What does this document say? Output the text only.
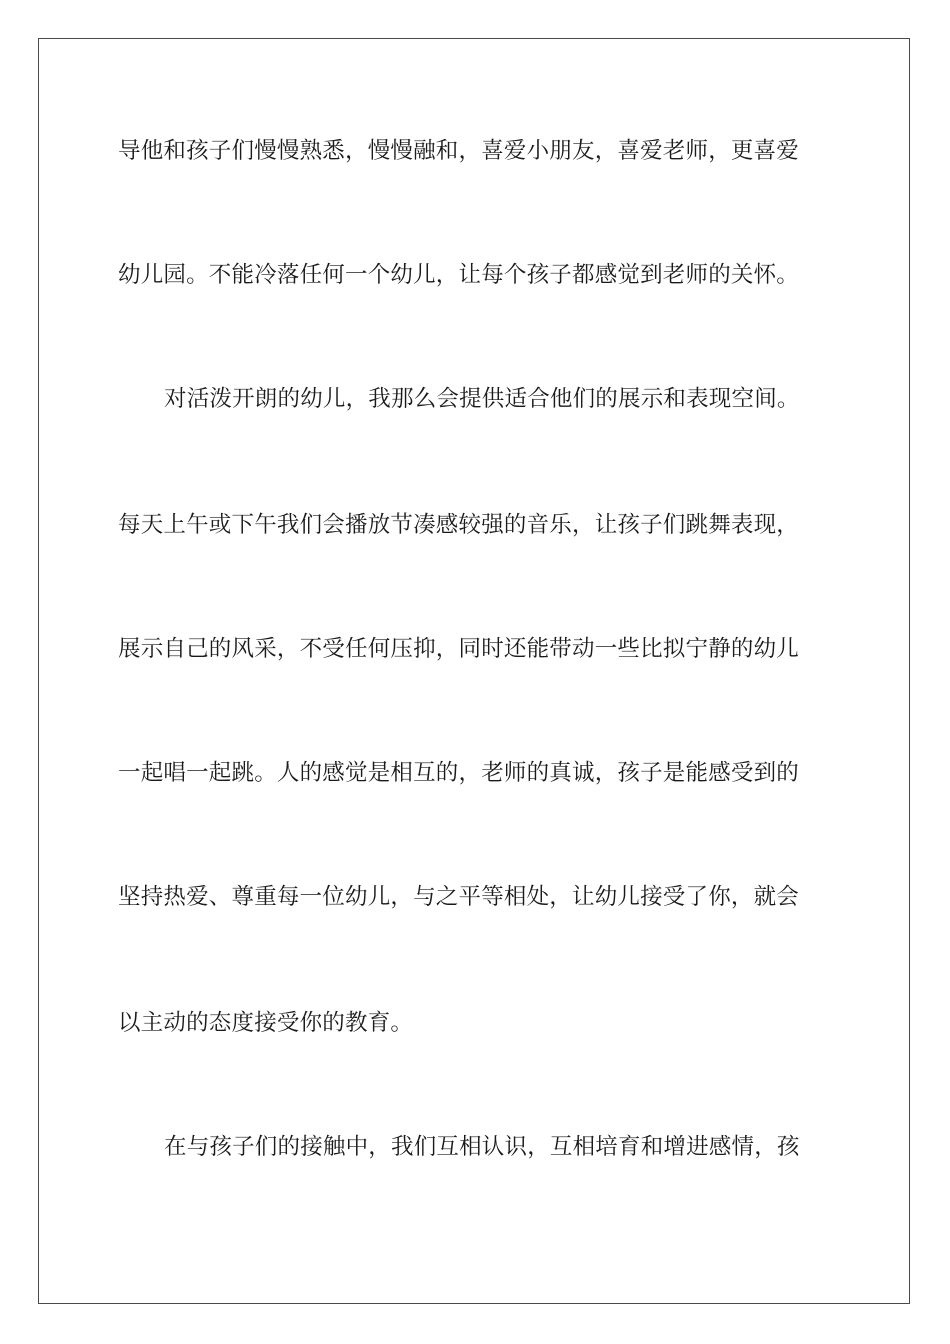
导他和孩子们慢慢熟悉，慢慢融和，喜爱小朋友，喜爱老师，更喜爱
幼儿园。不能冷落任何一个幼儿，让每个孩子都感觉到老师的关怀。
对活泼开朗的幼儿，我那么会提供适合他们的展示和表现空间。
每天上午或下午我们会播放节凑感较强的音乐，让孩子们跳舞表现，
展示自己的风采，不受任何压抑，同时还能带动一些比拟宁静的幼儿
一起唱一起跳。人的感觉是相互的，老师的真诚，孩子是能感受到的
坚持热爱、尊重每一位幼儿，与之平等相处，让幼儿接受了你，就会
以主动的态度接受你的教育。
在与孩子们的接触中，我们互相认识，互相培育和增进感情，孩
